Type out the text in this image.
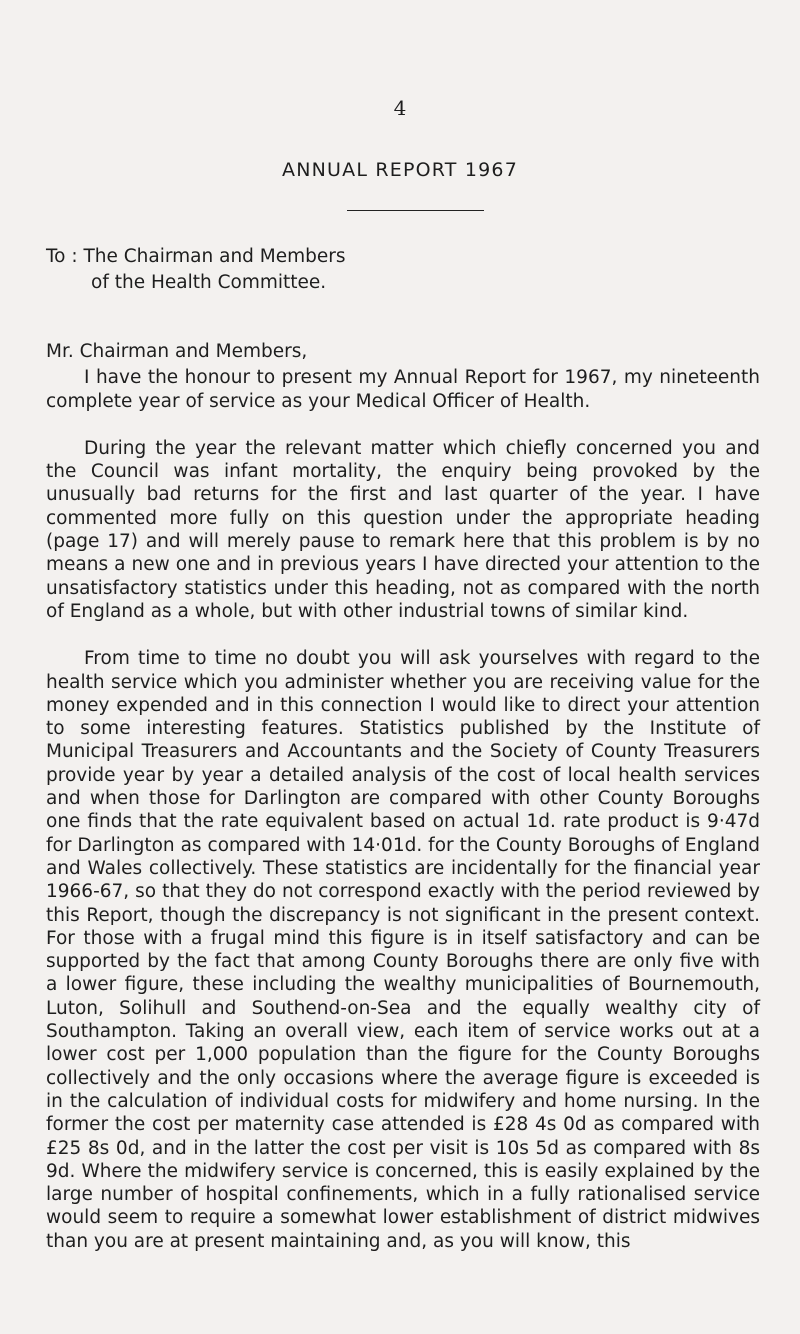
4
ANNUAL REPORT 1967
To : The Chairman and Members
of the Health Committee.
Mr. Chairman and Members,

I have the honour to present my Annual Report for 1967, my nineteenth complete year of service as your Medical Officer of Health.

During the year the relevant matter which chiefly concerned you and the Council was infant mortality, the enquiry being provoked by the unusually bad returns for the first and last quarter of the year. I have commented more fully on this question under the appropriate heading (page 17) and will merely pause to remark here that this problem is by no means a new one and in previous years I have directed your attention to the unsatisfactory statistics under this heading, not as compared with the north of England as a whole, but with other industrial towns of similar kind.

From time to time no doubt you will ask yourselves with regard to the health service which you administer whether you are receiving value for the money expended and in this connection I would like to direct your attention to some interesting features. Statistics published by the Institute of Municipal Treasurers and Accountants and the Society of County Treasurers provide year by year a detailed analysis of the cost of local health services and when those for Darlington are compared with other County Boroughs one finds that the rate equivalent based on actual 1d. rate product is 9·47d for Darlington as compared with 14·01d. for the County Boroughs of England and Wales collectively. These statistics are incidentally for the financial year 1966-67, so that they do not correspond exactly with the period reviewed by this Report, though the discrepancy is not significant in the present context. For those with a frugal mind this figure is in itself satisfactory and can be supported by the fact that among County Boroughs there are only five with a lower figure, these including the wealthy municipalities of Bournemouth, Luton, Solihull and Southend-on-Sea and the equally wealthy city of Southampton. Taking an overall view, each item of service works out at a lower cost per 1,000 population than the figure for the County Boroughs collectively and the only occasions where the average figure is exceeded is in the calculation of individual costs for midwifery and home nursing. In the former the cost per maternity case attended is £28 4s 0d as compared with £25 8s 0d, and in the latter the cost per visit is 10s 5d as compared with 8s 9d. Where the midwifery service is concerned, this is easily explained by the large number of hospital confinements, which in a fully rationalised service would seem to require a somewhat lower establishment of district midwives than you are at present maintaining and, as you will know, this
